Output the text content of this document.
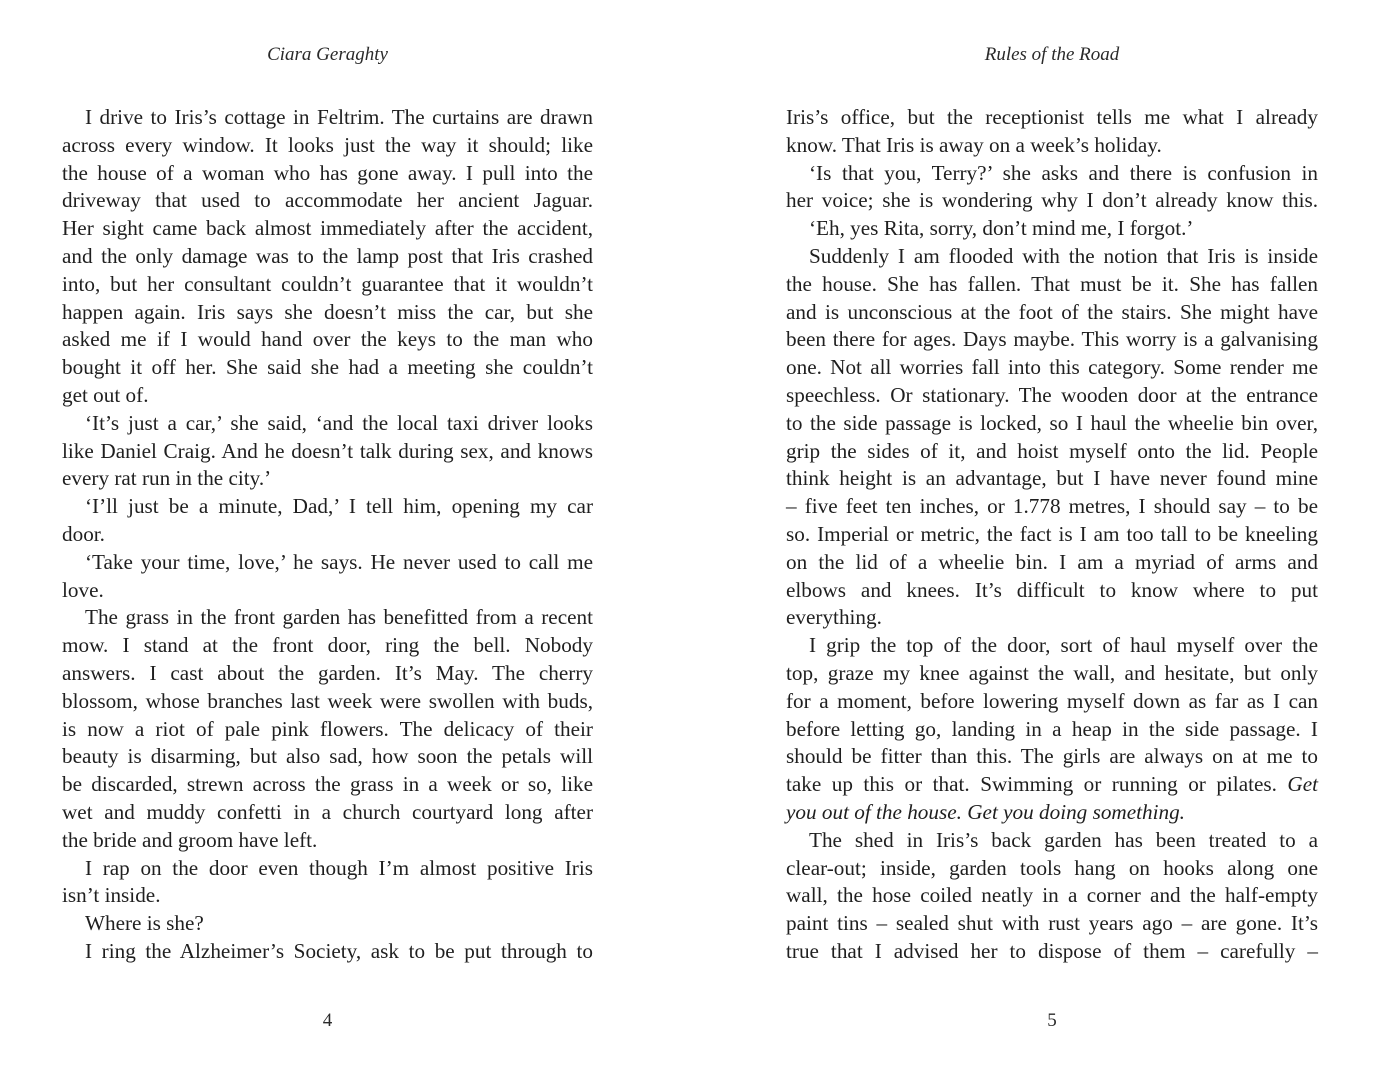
Ciara Geraghty
I drive to Iris’s cottage in Feltrim. The curtains are drawn
across every window. It looks just the way it should; like
the house of a woman who has gone away. I pull into the
driveway that used to accommodate her ancient Jaguar.
Her sight came back almost immediately after the accident,
and the only damage was to the lamp post that Iris crashed
into, but her consultant couldn’t guarantee that it wouldn’t
happen again. Iris says she doesn’t miss the car, but she
asked me if I would hand over the keys to the man who
bought it off her. She said she had a meeting she couldn’t
get out of.
‘It’s just a car,’ she said, ‘and the local taxi driver looks
like Daniel Craig. And he doesn’t talk during sex, and knows
every rat run in the city.’
‘I’ll just be a minute, Dad,’ I tell him, opening my car
door.
‘Take your time, love,’ he says. He never used to call me
love.
The grass in the front garden has benefitted from a recent
mow. I stand at the front door, ring the bell. Nobody
answers. I cast about the garden. It’s May. The cherry
blossom, whose branches last week were swollen with buds,
is now a riot of pale pink flowers. The delicacy of their
beauty is disarming, but also sad, how soon the petals will
be discarded, strewn across the grass in a week or so, like
wet and muddy confetti in a church courtyard long after
the bride and groom have left.
I rap on the door even though I’m almost positive Iris
isn’t inside.
Where is she?
I ring the Alzheimer’s Society, ask to be put through to
4
Rules of the Road
Iris’s office, but the receptionist tells me what I already
know. That Iris is away on a week’s holiday.
‘Is that you, Terry?’ she asks and there is confusion in
her voice; she is wondering why I don’t already know this.
‘Eh, yes Rita, sorry, don’t mind me, I forgot.’
Suddenly I am flooded with the notion that Iris is inside
the house. She has fallen. That must be it. She has fallen
and is unconscious at the foot of the stairs. She might have
been there for ages. Days maybe. This worry is a galvanising
one. Not all worries fall into this category. Some render me
speechless. Or stationary. The wooden door at the entrance
to the side passage is locked, so I haul the wheelie bin over,
grip the sides of it, and hoist myself onto the lid. People
think height is an advantage, but I have never found mine
– five feet ten inches, or 1.778 metres, I should say – to be
so. Imperial or metric, the fact is I am too tall to be kneeling
on the lid of a wheelie bin. I am a myriad of arms and
elbows and knees. It’s difficult to know where to put
everything.
I grip the top of the door, sort of haul myself over the
top, graze my knee against the wall, and hesitate, but only
for a moment, before lowering myself down as far as I can
before letting go, landing in a heap in the side passage. I
should be fitter than this. The girls are always on at me to
take up this or that. Swimming or running or pilates. Get
you out of the house. Get you doing something.
The shed in Iris’s back garden has been treated to a
clear-out; inside, garden tools hang on hooks along one
wall, the hose coiled neatly in a corner and the half-empty
paint tins – sealed shut with rust years ago – are gone. It’s
true that I advised her to dispose of them – carefully –
5
